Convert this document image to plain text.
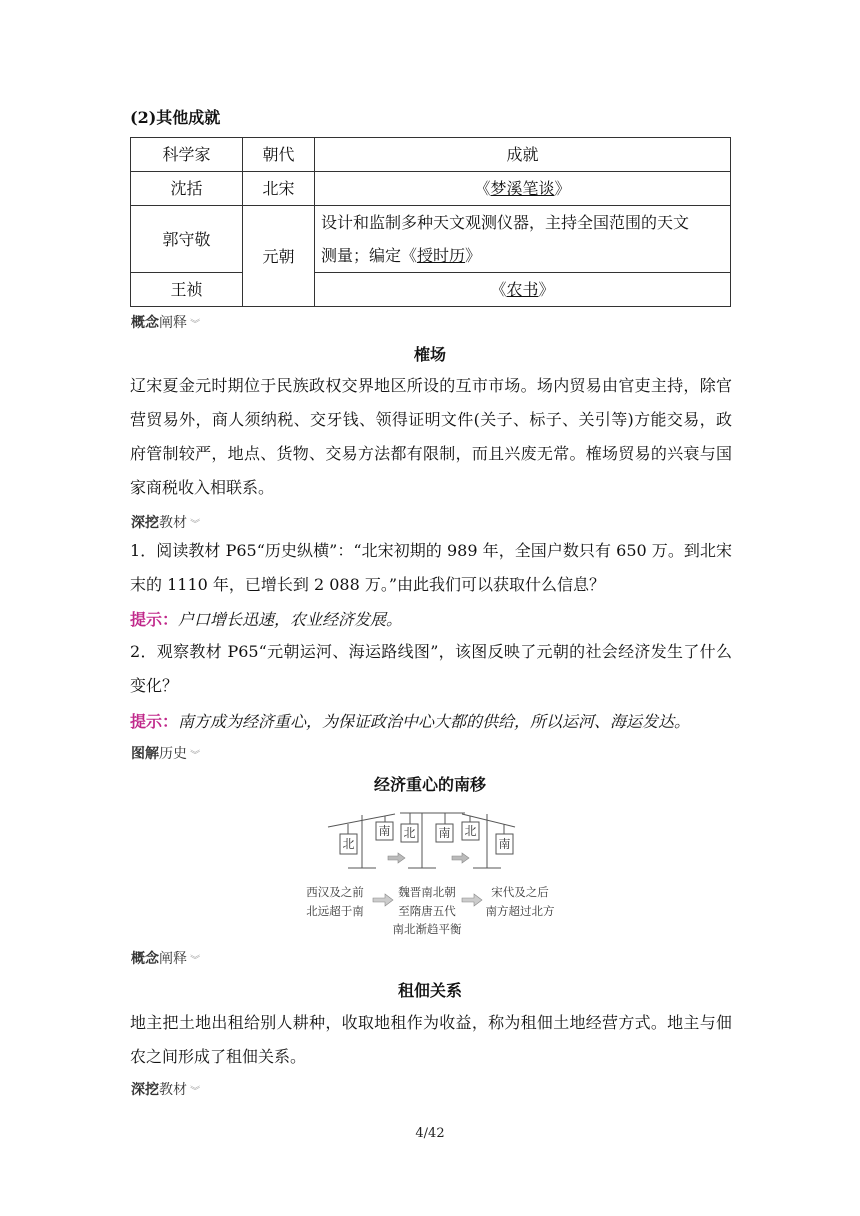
(2)其他成就
科学家	朝代	成就
沈括	北宋	《梦溪笔谈》
郭守敬	元朝	设计和监制多种天文观测仪器，主持全国范围的天文
测量；编定《授时历》

王祯		《农书》
概念阐释 ︾
榷场
辽宋夏金元时期位于民族政权交界地区所设的互市市场。场内贸易由官吏主持，除官营贸易外，商人须纳税、交牙钱、领得证明文件(关子、标子、关引等)方能交易，政府管制较严，地点、货物、交易方法都有限制，而且兴废无常。榷场贸易的兴衰与国家商税收入相联系。
深挖教材 ︾
1．阅读教材 P65“历史纵横”：“北宋初期的 989 年，全国户数只有 650 万。到北宋末的 1110 年，已增长到 2 088 万。”由此我们可以获取什么信息？
提示：户口增长迅速，农业经济发展。
2．观察教材 P65“元朝运河、海运路线图”，该图反映了元朝的社会经济发生了什么变化？
提示：南方成为经济重心，为保证政治中心大都的供给，所以运河、海运发达。
图解历史 ︾
经济重心的南移
北
南 北 南 北
南
西汉及之前
北远超于南
魏晋南北朝
至隋唐五代
南北渐趋平衡
宋代及之后
南方超过北方
概念阐释 ︾
租佃关系
地主把土地出租给别人耕种，收取地租作为收益，称为租佃土地经营方式。地主与佃农之间形成了租佃关系。
深挖教材 ︾
4/42
